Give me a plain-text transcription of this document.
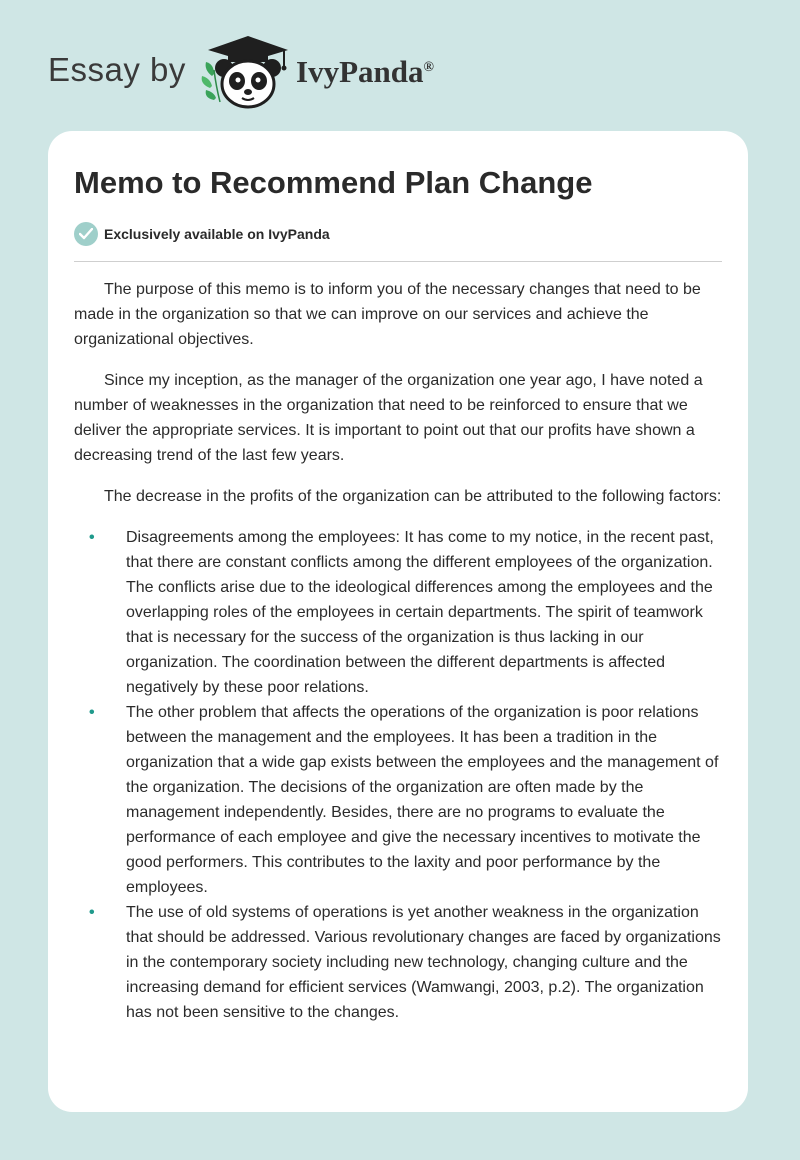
Essay by	IvyPanda®
Memo to Recommend Plan Change
Exclusively available on IvyPanda

The purpose of this memo is to inform you of the necessary changes that need to be made in the organization so that we can improve on our services and achieve the organizational objectives.

Since my inception, as the manager of the organization one year ago, I have noted a number of weaknesses in the organization that need to be reinforced to ensure that we deliver the appropriate services. It is important to point out that our profits have shown a decreasing trend of the last few years.

The decrease in the profits of the organization can be attributed to the following factors:

• Disagreements among the employees: It has come to my notice, in the recent past, that there are constant conflicts among the different employees of the organization. The conflicts arise due to the ideological differences among the employees and the overlapping roles of the employees in certain departments. The spirit of teamwork that is necessary for the success of the organization is thus lacking in our organization. The coordination between the different departments is affected negatively by these poor relations.
• The other problem that affects the operations of the organization is poor relations between the management and the employees. It has been a tradition in the organization that a wide gap exists between the employees and the management of the organization. The decisions of the organization are often made by the management independently. Besides, there are no programs to evaluate the performance of each employee and give the necessary incentives to motivate the good performers. This contributes to the laxity and poor performance by the employees.
• The use of old systems of operations is yet another weakness in the organization that should be addressed. Various revolutionary changes are faced by organizations in the contemporary society including new technology, changing culture and the increasing demand for efficient services (Wamwangi, 2003, p.2). The organization has not been sensitive to the changes.
